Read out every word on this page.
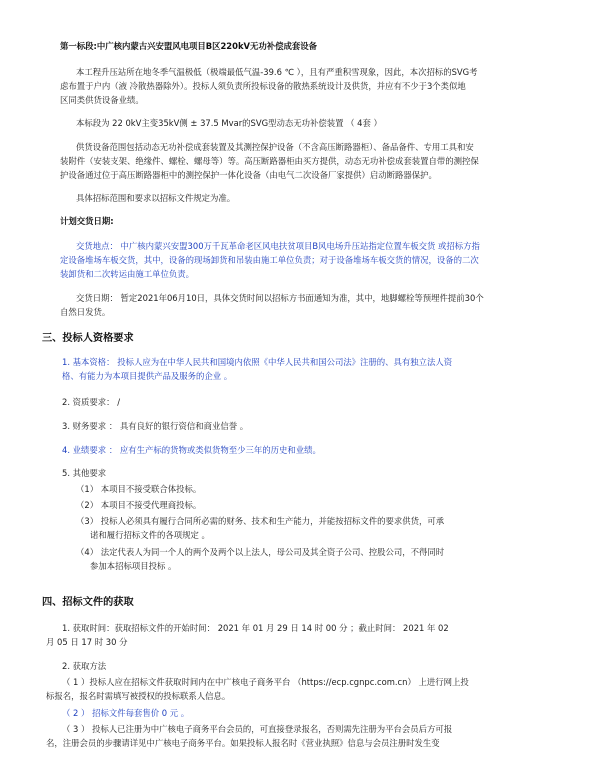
第一标段:中广核内蒙古兴安盟风电项目B区220kV无功补偿成套设备

本工程升压站所在地冬季气温极低（极端最低气温-39.6 ℃ ），且有严重积雪现象，因此，本次招标的SVG考

虑布置于户内（液 冷散热器除外）。投标人须负责所投标设备的散热系统设计及供货，并应有不少于3个类似地

区同类供货设备业绩。

本标段为 22 0kV主变35kV侧 ± 37.5 Mvar的SVG型动态无功补偿装置 （ 4套 ）

供货设备范围包括动态无功补偿成套装置及其测控保护设备（不含高压断路器柜）、备品备件、专用工具和安

装附件（安装支架、绝缘件、螺栓、螺母等）等。高压断路器柜由买方提供，动态无功补偿成套装置自带的测控保

护设备通过位于高压断路器柜中的测控保护一体化设备（由电气二次设备厂家提供）启动断路器保护。

具体招标范围和要求以招标文件规定为准。

计划交货日期:

交货地点： 中广核内蒙兴安盟300万千瓦革命老区风电扶贫项目B风电场升压站指定位置车板交货 或招标方指

定设备堆场车板交货，其中，设备的现场卸货和吊装由施工单位负责；对于设备堆场车板交货的情况，设备的二次

装卸货和二次转运由施工单位负责。

交货日期： 暂定2021年06月10日，具体交货时间以招标方书面通知为准，其中，地脚螺栓等预埋件提前30个

自然日发货。

三、投标人资格要求

1. 基本资格： 投标人应为在中华人民共和国境内依照《中华人民共和国公司法》注册的、具有独立法人资

格、有能力为本项目提供产品及服务的企业 。

2. 资质要求： /

3. 财务要求 ： 具有良好的银行资信和商业信誉 。

4. 业绩要求 ： 应有生产标的货物或类似货物至少三年的历史和业绩。

5. 其他要求

（1） 本项目不接受联合体投标。

（2） 本项目不接受代理商投标。

（3） 投标人必须具有履行合同所必需的财务、技术和生产能力，并能按招标文件的要求供货，可承

诺和履行招标文件的各项规定 。

（4） 法定代表人为同一个人的两个及两个以上法人，母公司及其全资子公司、控股公司，不得同时

参加本招标项目投标 。

四、招标文件的获取

1. 获取时间：获取招标文件的开始时间： 2021 年 01 月 29 日 14 时 00 分 ；截止时间： 2021 年 02

月 05 日 17 时 30 分

2. 获取方法

（ 1 ）投标人应在招标文件获取时间内在中广核电子商务平台 （https://ecp.cgnpc.com.cn） 上进行网上投

标报名，报名时需填写被授权的投标联系人信息。

（ 2 ） 招标文件每套售价 0 元 。

（ 3 ） 投标人已注册为中广核电子商务平台会员的，可直接登录报名，否则需先注册为平台会员后方可报

名，注册会员的步骤请详见中广核电子商务平台。如果投标人报名时《营业执照》信息与会员注册时发生变
